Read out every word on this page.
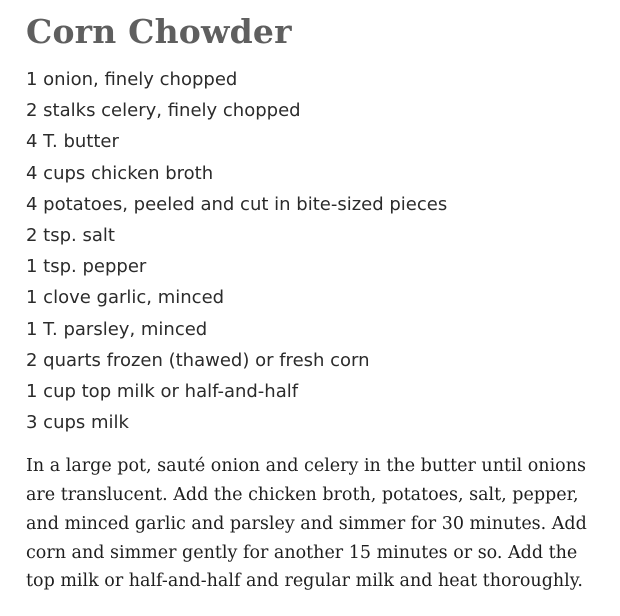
Corn Chowder
1 onion, finely chopped
2 stalks celery, finely chopped
4 T. butter
4 cups chicken broth
4 potatoes, peeled and cut in bite-sized pieces
2 tsp. salt
1 tsp. pepper
1 clove garlic, minced
1 T. parsley, minced
2 quarts frozen (thawed) or fresh corn
1 cup top milk or half-and-half
3 cups milk

In a large pot, sauté onion and celery in the butter until onions are translucent. Add the chicken broth, potatoes, salt, pepper, and minced garlic and parsley and simmer for 30 minutes. Add corn and simmer gently for another 15 minutes or so. Add the top milk or half-and-half and regular milk and heat thoroughly.
